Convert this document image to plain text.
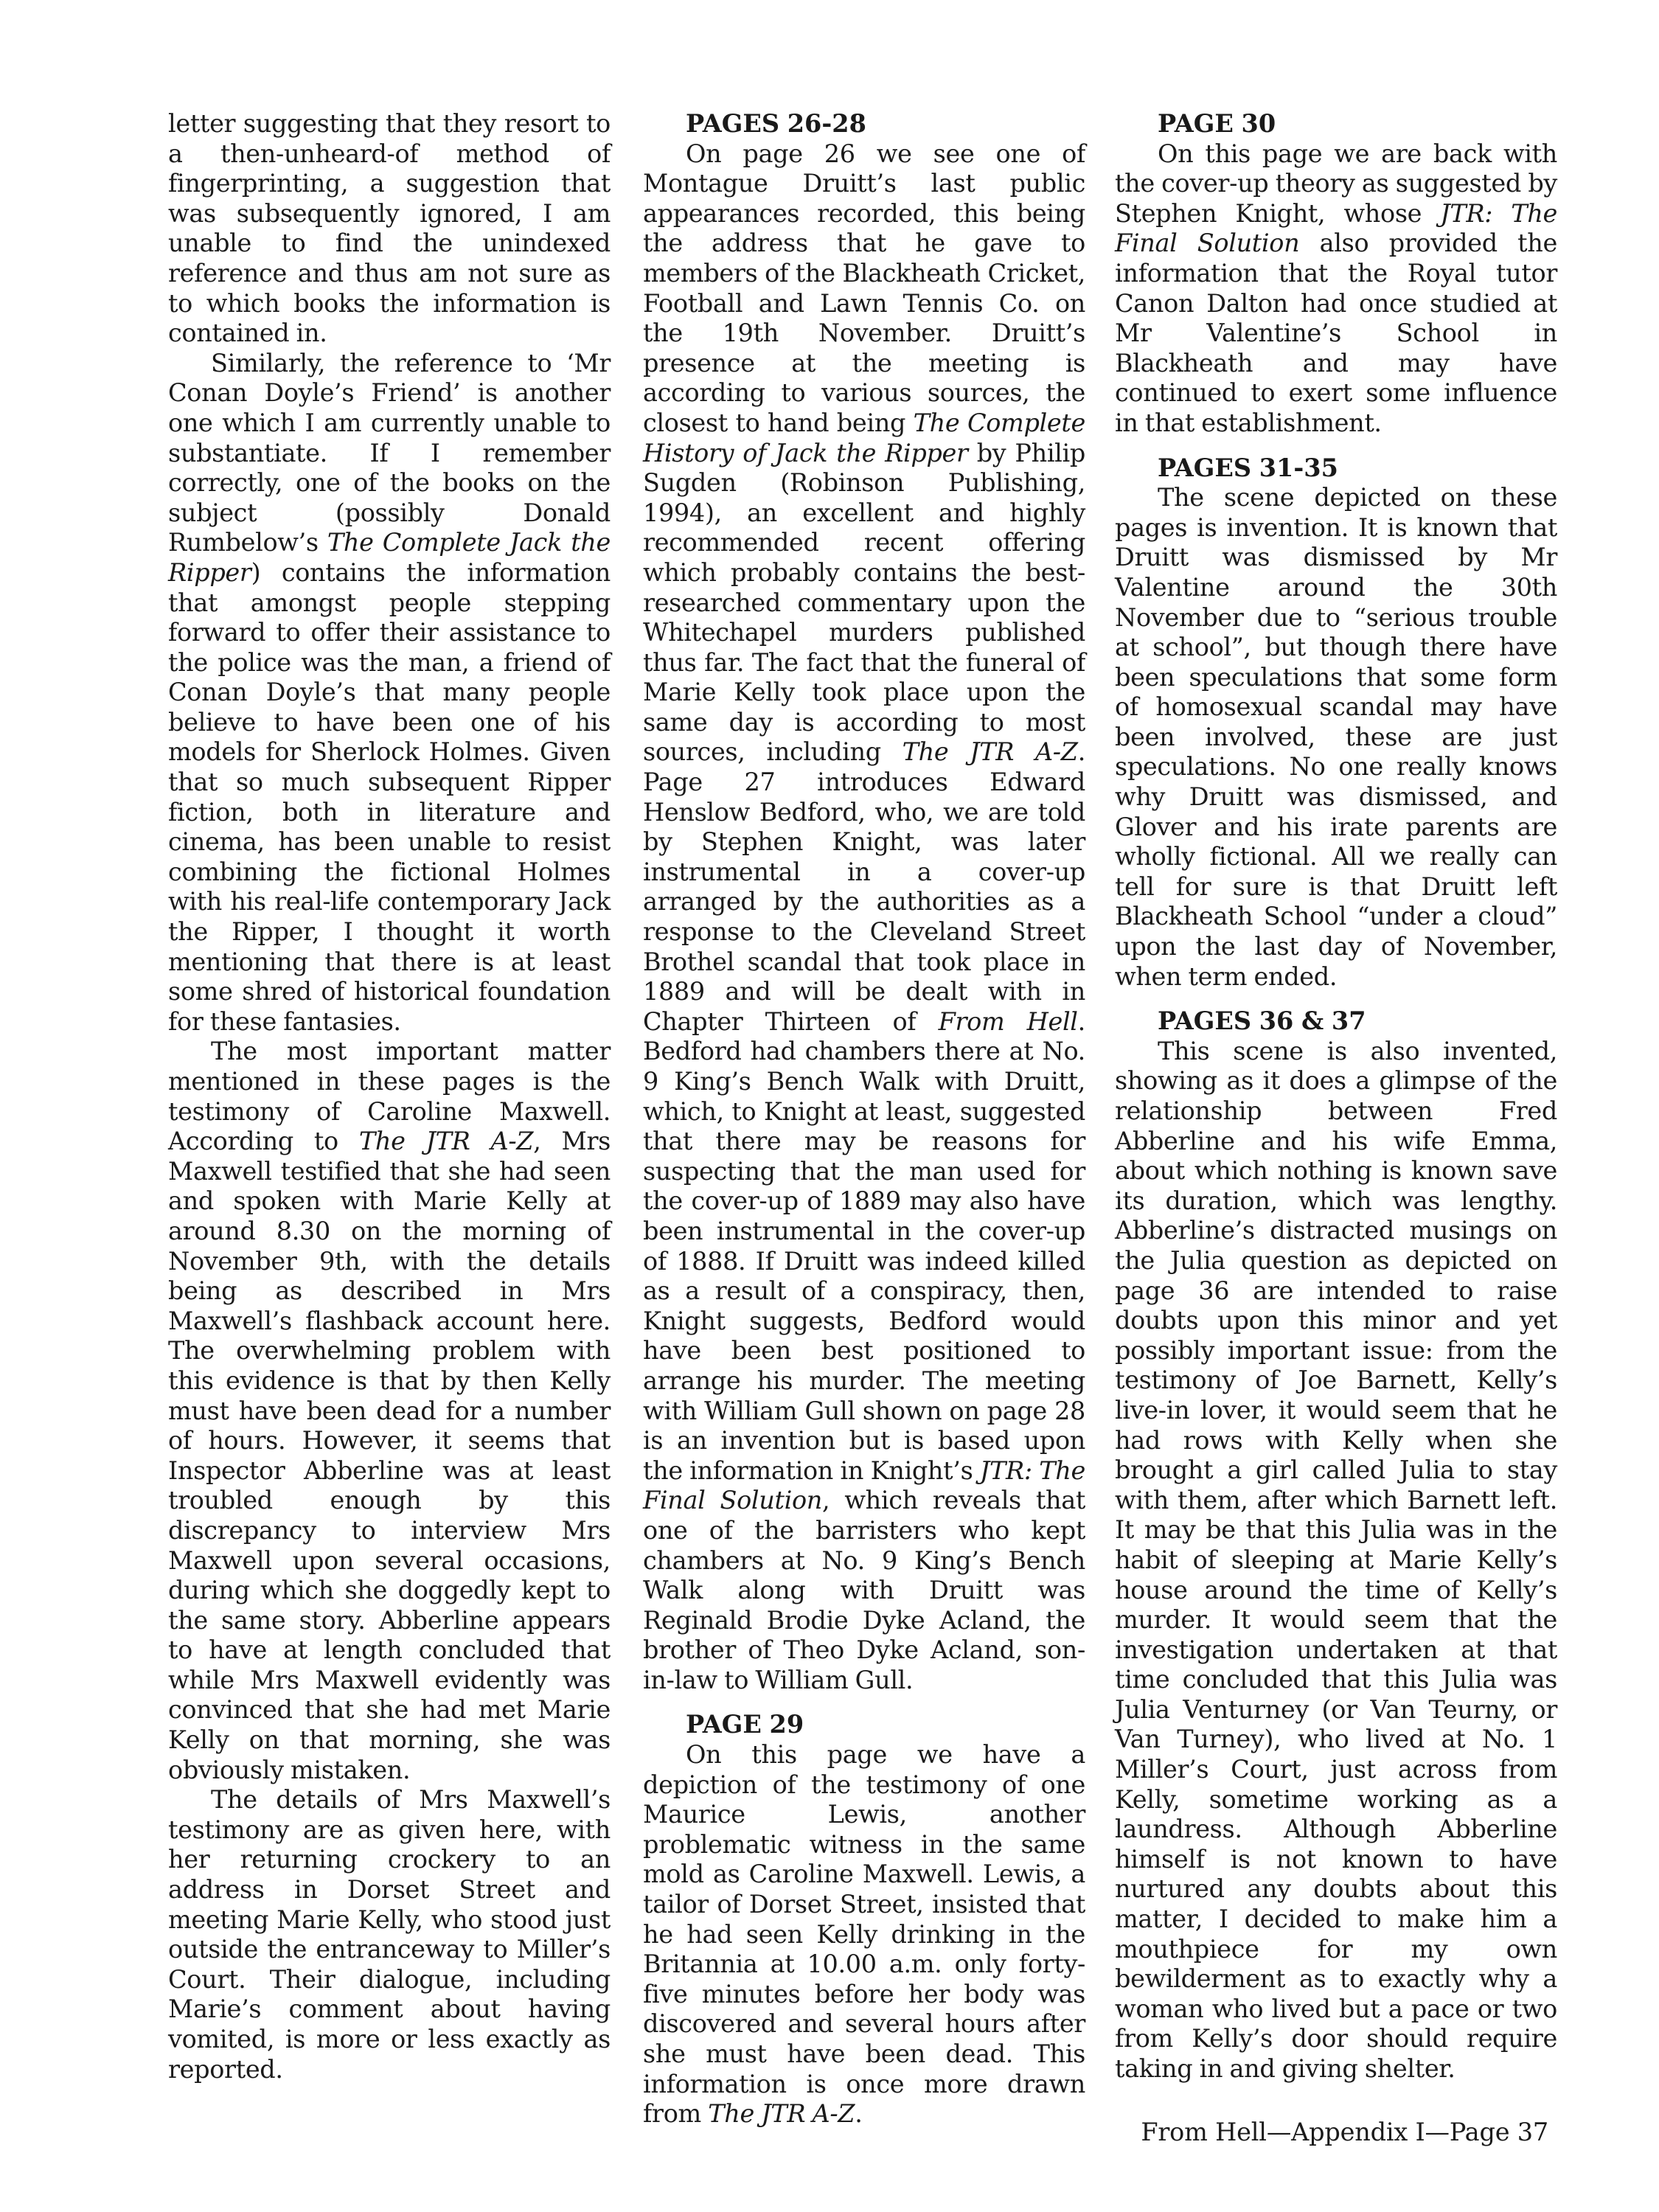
letter suggesting that they resort to a then-unheard-of method of fingerprinting, a suggestion that was subsequently ignored, I am unable to find the unindexed reference and thus am not sure as to which books the information is contained in.

Similarly, the reference to ‘Mr Conan Doyle’s Friend’ is another one which I am currently unable to substantiate. If I remember correctly, one of the books on the subject (possibly Donald Rumbelow’s The Complete Jack the Ripper) contains the information that amongst people stepping forward to offer their assistance to the police was the man, a friend of Conan Doyle’s that many people believe to have been one of his models for Sherlock Holmes. Given that so much subsequent Ripper fiction, both in literature and cinema, has been unable to resist combining the fictional Holmes with his real-life contemporary Jack the Ripper, I thought it worth mentioning that there is at least some shred of historical foundation for these fantasies.

The most important matter mentioned in these pages is the testimony of Caroline Maxwell. According to The JTR A-Z, Mrs Maxwell testified that she had seen and spoken with Marie Kelly at around 8.30 on the morning of November 9th, with the details being as described in Mrs Maxwell’s flashback account here. The overwhelming problem with this evidence is that by then Kelly must have been dead for a number of hours. However, it seems that Inspector Abberline was at least troubled enough by this discrepancy to interview Mrs Maxwell upon several occasions, during which she doggedly kept to the same story. Abberline appears to have at length concluded that while Mrs Maxwell evidently was convinced that she had met Marie Kelly on that morning, she was obviously mistaken.

The details of Mrs Maxwell’s testimony are as given here, with her returning crockery to an address in Dorset Street and meeting Marie Kelly, who stood just outside the entranceway to Miller’s Court. Their dialogue, including Marie’s comment about having vomited, is more or less exactly as reported.

PAGES 26-28

On page 26 we see one of Montague Druitt’s last public appearances recorded, this being the address that he gave to members of the Blackheath Cricket, Football and Lawn Tennis Co. on the 19th November. Druitt’s presence at the meeting is according to various sources, the closest to hand being The Complete History of Jack the Ripper by Philip Sugden (Robinson Publishing, 1994), an excellent and highly recommended recent offering which probably contains the best-researched commentary upon the Whitechapel murders published thus far. The fact that the funeral of Marie Kelly took place upon the same day is according to most sources, including The JTR A-Z. Page 27 introduces Edward Henslow Bedford, who, we are told by Stephen Knight, was later instrumental in a cover-up arranged by the authorities as a response to the Cleveland Street Brothel scandal that took place in 1889 and will be dealt with in Chapter Thirteen of From Hell. Bedford had chambers there at No. 9 King’s Bench Walk with Druitt, which, to Knight at least, suggested that there may be reasons for suspecting that the man used for the cover-up of 1889 may also have been instrumental in the cover-up of 1888. If Druitt was indeed killed as a result of a conspiracy, then, Knight suggests, Bedford would have been best positioned to arrange his murder. The meeting with William Gull shown on page 28 is an invention but is based upon the information in Knight’s JTR: The Final Solution, which reveals that one of the barristers who kept chambers at No. 9 King’s Bench Walk along with Druitt was Reginald Brodie Dyke Acland, the brother of Theo Dyke Acland, son-in-law to William Gull.

PAGE 29

On this page we have a depiction of the testimony of one Maurice Lewis, another problematic witness in the same mold as Caroline Maxwell. Lewis, a tailor of Dorset Street, insisted that he had seen Kelly drinking in the Britannia at 10.00 a.m. only forty-five minutes before her body was discovered and several hours after she must have been dead. This information is once more drawn from The JTR A-Z.

PAGE 30

On this page we are back with the cover-up theory as suggested by Stephen Knight, whose JTR: The Final Solution also provided the information that the Royal tutor Canon Dalton had once studied at Mr Valentine’s School in Blackheath and may have continued to exert some influence in that establishment.

PAGES 31-35

The scene depicted on these pages is invention. It is known that Druitt was dismissed by Mr Valentine around the 30th November due to “serious trouble at school”, but though there have been speculations that some form of homosexual scandal may have been involved, these are just speculations. No one really knows why Druitt was dismissed, and Glover and his irate parents are wholly fictional. All we really can tell for sure is that Druitt left Blackheath School “under a cloud” upon the last day of November, when term ended.

PAGES 36 & 37

This scene is also invented, showing as it does a glimpse of the relationship between Fred Abberline and his wife Emma, about which nothing is known save its duration, which was lengthy. Abberline’s distracted musings on the Julia question as depicted on page 36 are intended to raise doubts upon this minor and yet possibly important issue: from the testimony of Joe Barnett, Kelly’s live-in lover, it would seem that he had rows with Kelly when she brought a girl called Julia to stay with them, after which Barnett left. It may be that this Julia was in the habit of sleeping at Marie Kelly’s house around the time of Kelly’s murder. It would seem that the investigation undertaken at that time concluded that this Julia was Julia Venturney (or Van Teurny, or Van Turney), who lived at No. 1 Miller’s Court, just across from Kelly, sometime working as a laundress. Although Abberline himself is not known to have nurtured any doubts about this matter, I decided to make him a mouthpiece for my own bewilderment as to exactly why a woman who lived but a pace or two from Kelly’s door should require taking in and giving shelter.

From Hell—Appendix I—Page 37
